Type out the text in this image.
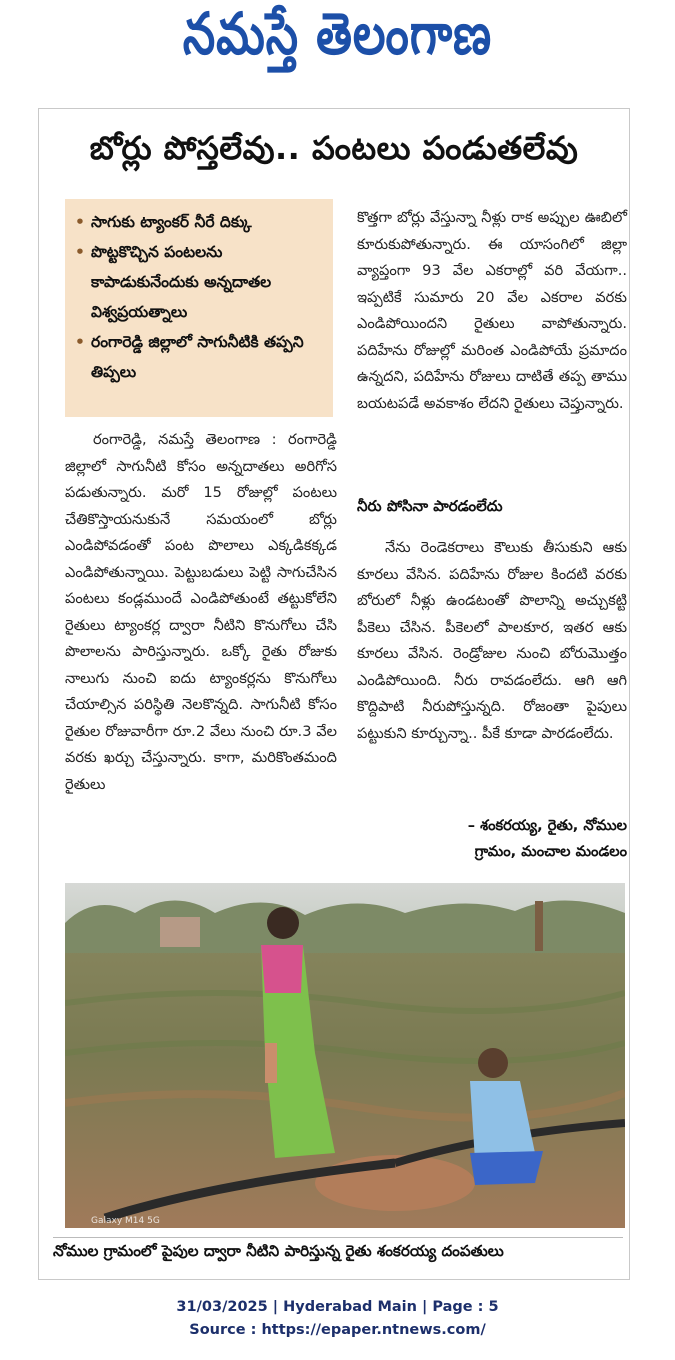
నమస్తే తెలంగాణ
బోర్లు పోస్తలేవు.. పంటలు పండుతలేవు
• సాగుకు ట్యాంకర్ నీరే దిక్కు
• పొట్టకొచ్చిన పంటలను కాపాడుకునేందుకు అన్నదాతల విశ్వప్రయత్నాలు
• రంగారెడ్డి జిల్లాలో సాగునీటికి తప్పని తిప్పలు

రంగారెడ్డి, నమస్తే తెలంగాణ : రంగారెడ్డి జిల్లాలో సాగునీటి కోసం అన్నదాతలు అరిగోస పడుతున్నారు. మరో 15 రోజుల్లో పంటలు చేతికొస్తాయనుకునే సమయంలో బోర్లు ఎండిపోవడంతో పంట పొలాలు ఎక్కడికక్కడ ఎండిపోతున్నాయి. పెట్టుబడులు పెట్టి సాగుచేసిన పంటలు కండ్లముందే ఎండిపోతుంటే తట్టుకోలేని రైతులు ట్యాంకర్ల ద్వారా నీటిని కొనుగోలు చేసి పొలాలను పారిస్తున్నారు. ఒక్కో రైతు రోజుకు నాలుగు నుంచి ఐదు ట్యాంకర్లను కొనుగోలు చేయాల్సిన పరిస్థితి నెలకొన్నది. సాగునీటి కోసం రైతుల రోజువారీగా రూ.2 వేలు నుంచి రూ.3 వేల వరకు ఖర్చు చేస్తున్నారు. కాగా, మరికొంతమంది రైతులు

కొత్తగా బోర్లు వేస్తున్నా నీళ్లు రాక అప్పుల ఊబిలో కూరుకుపోతున్నారు. ఈ యాసంగిలో జిల్లా వ్యాప్తంగా 93 వేల ఎకరాల్లో వరి వేయగా.. ఇప్పటికే సుమారు 20 వేల ఎకరాల వరకు ఎండిపోయిందని రైతులు వాపోతున్నారు. పదిహేను రోజుల్లో మరింత ఎండిపోయే ప్రమాదం ఉన్నదని, పదిహేను రోజులు దాటితే తప్ప తాము బయటపడే అవకాశం లేదని రైతులు చెప్తున్నారు.

నీరు పోసినా పారడంలేదు

నేను రెండెకరాలు కౌలుకు తీసుకుని ఆకు కూరలు వేసిన. పదిహేను రోజుల కిందటి వరకు బోరులో నీళ్లు ఉండటంతో పొలాన్ని అచ్చుకట్టి పీకెలు చేసిన. పీకెలలో పాలకూర, ఇతర ఆకు కూరలు వేసిన. రెండ్రోజుల నుంచి బోరుమొత్తం ఎండిపోయింది. నీరు రావడంలేదు. ఆగి ఆగి కొద్దిపాటి నీరుపోస్తున్నది. రోజంతా పైపులు పట్టుకుని కూర్చున్నా.. పీకే కూడా పారడంలేదు.

– శంకరయ్య, రైతు, నోముల
గ్రామం, మంచాల మండలం
Galaxy M14 5G
నోముల గ్రామంలో పైపుల ద్వారా నీటిని పారిస్తున్న రైతు శంకరయ్య దంపతులు
31/03/2025 | Hyderabad Main | Page : 5
Source : https://epaper.ntnews.com/
